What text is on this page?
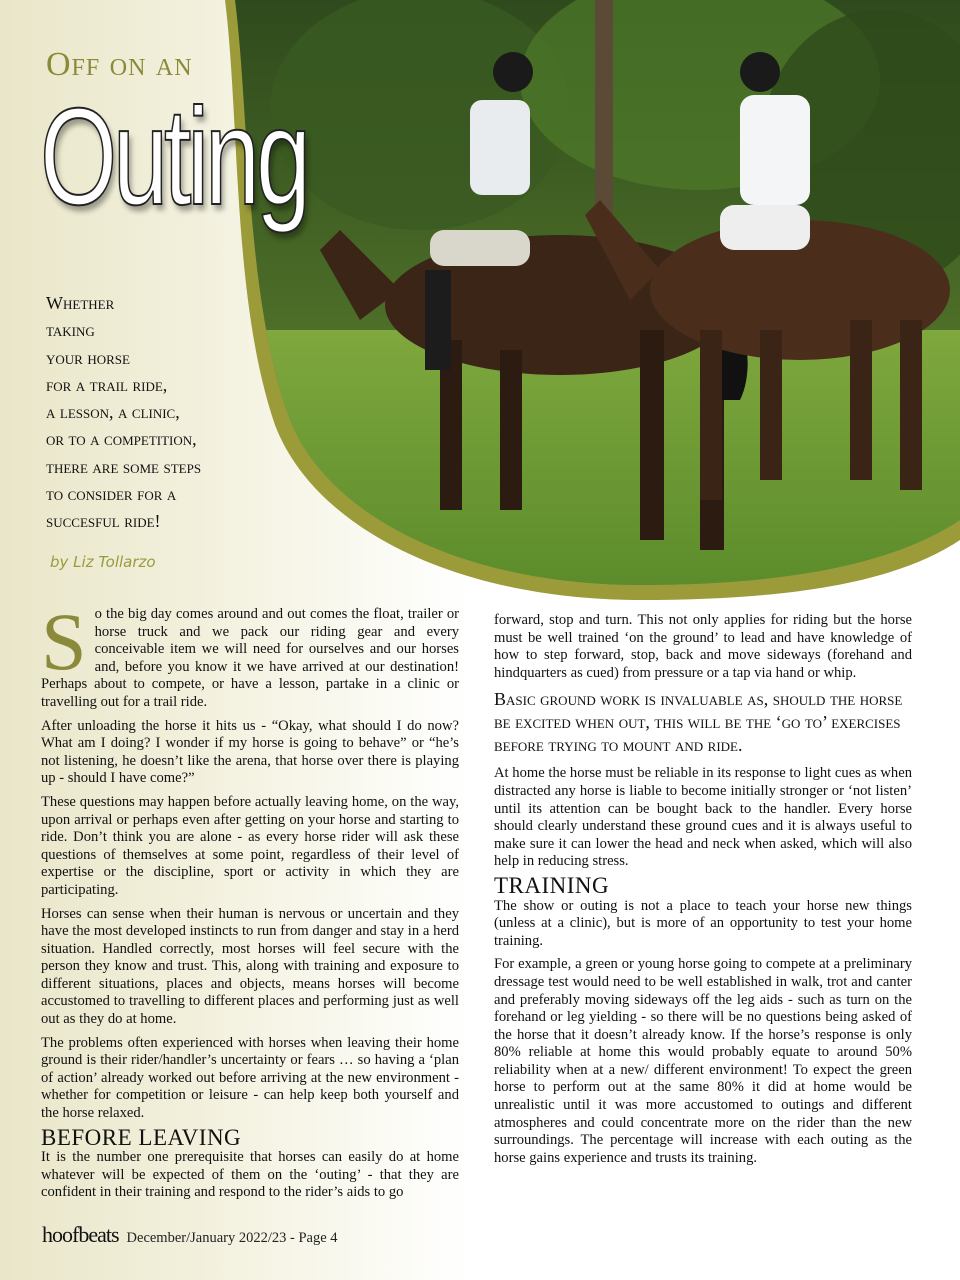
Off on an
Outing
Whether
taking
your horse
for a trail ride,
a lesson, a clinic,
or to a competition,
there are some steps
to consider for a
succesful ride!
by Liz Tollarzo

So the big day comes around and out comes the float, trailer or horse truck and we pack our riding gear and every conceivable item we will need for ourselves and our horses and, before you know it we have arrived at our destination! Perhaps about to compete, or have a lesson, partake in a clinic or travelling out for a trail ride.

After unloading the horse it hits us - “Okay, what should I do now? What am I doing? I wonder if my horse is going to behave” or “he’s not listening, he doesn’t like the arena, that horse over there is playing up - should I have come?”

These questions may happen before actually leaving home, on the way, upon arrival or perhaps even after getting on your horse and starting to ride. Don’t think you are alone - as every horse rider will ask these questions of themselves at some point, regardless of their level of expertise or the discipline, sport or activity in which they are participating.

Horses can sense when their human is nervous or uncertain and they have the most developed instincts to run from danger and stay in a herd situation. Handled correctly, most horses will feel secure with the person they know and trust. This, along with training and exposure to different situations, places and objects, means horses will become accustomed to travelling to different places and performing just as well out as they do at home.

The problems often experienced with horses when leaving their home ground is their rider/handler’s uncertainty or fears … so having a ‘plan of action’ already worked out before arriving at the new environment - whether for competition or leisure - can help keep both yourself and the horse relaxed.

BEFORE LEAVING

It is the number one prerequisite that horses can easily do at home whatever will be expected of them on the ‘outing’ - that they are confident in their training and respond to the rider’s aids to go

forward, stop and turn. This not only applies for riding but the horse must be well trained ‘on the ground’ to lead and have knowledge of how to step forward, stop, back and move sideways (forehand and hindquarters as cued) from pressure or a tap via hand or whip.

Basic ground work is invaluable as, should the horse be excited when out, this will be the ‘go to’ exercises before trying to mount and ride.

At home the horse must be reliable in its response to light cues as when distracted any horse is liable to become initially stronger or ‘not listen’ until its attention can be bought back to the handler. Every horse should clearly understand these ground cues and it is always useful to make sure it can lower the head and neck when asked, which will also help in reducing stress.

TRAINING

The show or outing is not a place to teach your horse new things (unless at a clinic), but is more of an opportunity to test your home training.

For example, a green or young horse going to compete at a preliminary dressage test would need to be well established in walk, trot and canter and preferably moving sideways off the leg aids - such as turn on the forehand or leg yielding - so there will be no questions being asked of the horse that it doesn’t already know. If the horse’s response is only 80% reliable at home this would probably equate to around 50% reliability when at a new/ different environment! To expect the green horse to perform out at the same 80% it did at home would be unrealistic until it was more accustomed to outings and different atmospheres and could concentrate more on the rider than the new surroundings. The percentage will increase with each outing as the horse gains experience and trusts its training.

hoofbeats December/January 2022/23 - Page 4
